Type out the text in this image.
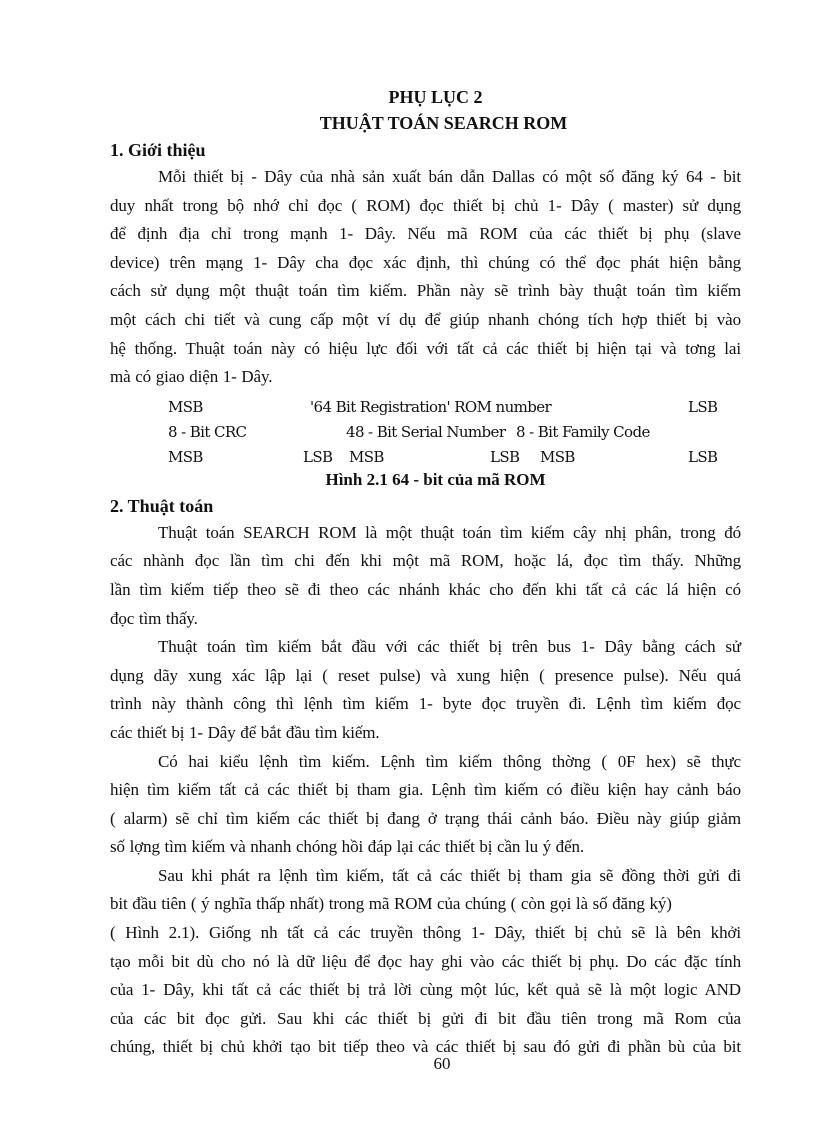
PHỤ LỤC 2
THUẬT TOÁN SEARCH ROM
1. Giới thiệu
Mỗi thiết bị - Dây của nhà sản xuất bán dẫn Dallas có một số đăng ký 64 - bit
duy nhất trong bộ nhớ chỉ đọc ( ROM) đọc thiết bị chủ 1- Dây ( master) sử dụng
để định địa chỉ trong mạnh 1- Dây. Nếu mã ROM của các thiết bị phụ (slave
device) trên mạng 1- Dây cha đọc xác định, thì chúng có thể đọc phát hiện bằng
cách sử dụng một thuật toán tìm kiếm. Phần này sẽ trình bày thuật toán tìm kiếm
một cách chi tiết và cung cấp một ví dụ để giúp nhanh chóng tích hợp thiết bị vào
hệ thống. Thuật toán này có hiệu lực đối với tất cả các thiết bị hiện tại và tơng lai
mà có giao diện 1- Dây.
MSB	'64 Bit Registration' ROM number	LSB
8 - Bit CRC	48 - Bit Serial Number 8 - Bit Family Code
MSB	LSB MSB	LSB MSB	LSB
Hình 2.1 64 - bit của mã ROM
2. Thuật toán
Thuật toán SEARCH ROM là một thuật toán tìm kiếm cây nhị phân, trong đó
các nhành đọc lần tìm chi đến khi một mã ROM, hoặc lá, đọc tìm thấy. Những
lần tìm kiếm tiếp theo sẽ đi theo các nhánh khác cho đến khi tất cả các lá hiện có
đọc tìm thấy.
Thuật toán tìm kiếm bắt đầu với các thiết bị trên bus 1- Dây bằng cách sử
dụng dãy xung xác lập lại ( reset pulse) và xung hiện ( presence pulse). Nếu quá
trình này thành công thì lệnh tìm kiếm 1- byte đọc truyền đi. Lệnh tìm kiếm đọc
các thiết bị 1- Dây để bắt đầu tìm kiếm.
Có hai kiểu lệnh tìm kiếm. Lệnh tìm kiếm thông thờng ( 0F hex) sẽ thực
hiện tìm kiếm tất cả các thiết bị tham gia. Lệnh tìm kiếm có điều kiện hay cảnh báo
( alarm) sẽ chỉ tìm kiếm các thiết bị đang ở trạng thái cảnh báo. Điều này giúp giảm
số lợng tìm kiếm và nhanh chóng hồi đáp lại các thiết bị cần lu ý đến.
Sau khi phát ra lệnh tìm kiếm, tất cả các thiết bị tham gia sẽ đồng thời gửi đi
bit đầu tiên ( ý nghĩa thấp nhất) trong mã ROM của chúng ( còn gọi là số đăng ký)
( Hình 2.1). Giống nh tất cả các truyền thông 1- Dây, thiết bị chủ sẽ là bên khởi
tạo mỗi bit dù cho nó là dữ liệu để đọc hay ghi vào các thiết bị phụ. Do các đặc tính
của 1- Dây, khi tất cả các thiết bị trả lời cùng một lúc, kết quả sẽ là một logic AND
của các bit đọc gửi. Sau khi các thiết bị gửi đi bit đầu tiên trong mã Rom của
chúng, thiết bị chủ khởi tạo bit tiếp theo và các thiết bị sau đó gửi đi phần bù của bit
60
